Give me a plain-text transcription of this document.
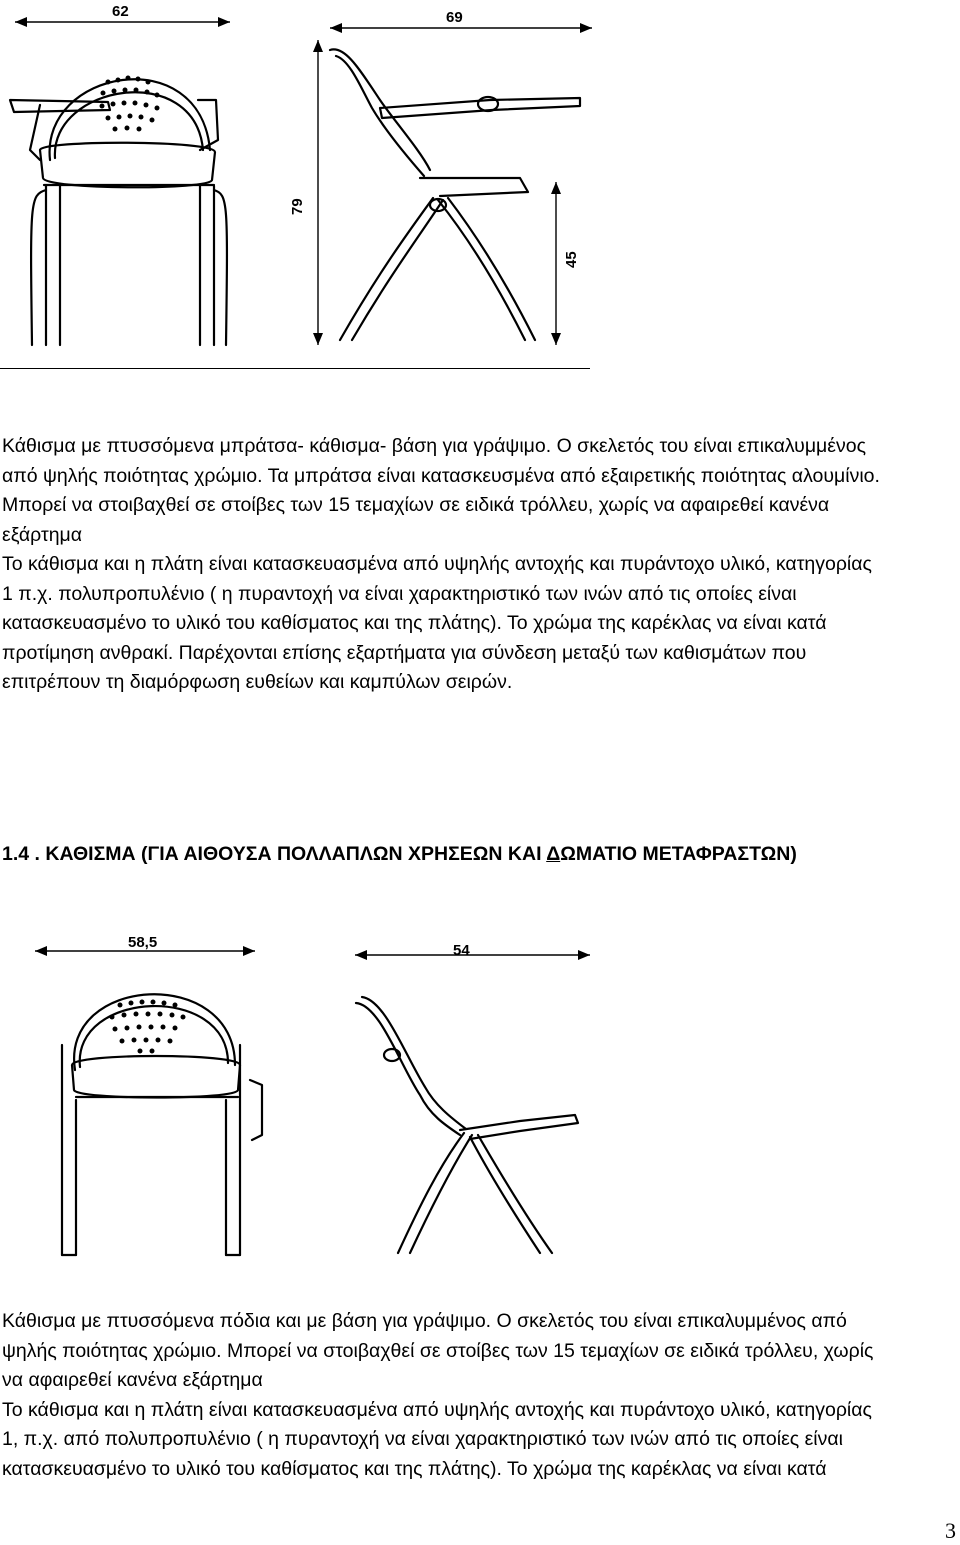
62	69
79
45
Κάθισμα με πτυσσόμενα μπράτσα- κάθισμα- βάση για γράψιμο. Ο σκελετός του είναι επικαλυμμένος
από ψηλής ποιότητας χρώμιο. Τα μπράτσα είναι κατασκευσμένα από εξαιρετικής ποιότητας αλουμίνιο.
Μπορεί να στοιβαχθεί σε στοίβες των 15 τεμαχίων σε ειδικά τρόλλευ, χωρίς να αφαιρεθεί κανένα
εξάρτημα
Το κάθισμα και η πλάτη είναι κατασκευασμένα από υψηλής αντοχής και πυράντοχο υλικό, κατηγορίας
1 π.χ. πολυπροπυλένιο ( η πυραντοχή να είναι χαρακτηριστικό των ινών από τις οποίες είναι
κατασκευασμένο το υλικό του καθίσματος και της πλάτης). Το χρώμα της καρέκλας να είναι κατά
προτίμηση ανθρακί. Παρέχονται επίσης εξαρτήματα για σύνδεση μεταξύ των καθισμάτων που
επιτρέπουν τη διαμόρφωση ευθείων και καμπύλων σειρών.
1.4 . ΚΑΘΙΣΜΑ (ΓΙΑ ΑΙΘΟΥΣΑ ΠΟΛΛΑΠΛΩΝ ΧΡΗΣΕΩΝ ΚΑΙ ΔΩΜΑΤΙΟ ΜΕΤΑΦΡΑΣΤΩΝ)
58,5	54
Κάθισμα με πτυσσόμενα πόδια και με βάση για γράψιμο. Ο σκελετός του είναι επικαλυμμένος από
ψηλής ποιότητας χρώμιο. Μπορεί να στοιβαχθεί σε στοίβες των 15 τεμαχίων σε ειδικά τρόλλευ, χωρίς
να αφαιρεθεί κανένα εξάρτημα
Το κάθισμα και η πλάτη είναι κατασκευασμένα από υψηλής αντοχής και πυράντοχο υλικό, κατηγορίας
1, π.χ. από πολυπροπυλένιο ( η πυραντοχή να είναι χαρακτηριστικό των ινών από τις οποίες είναι
κατασκευασμένο το υλικό του καθίσματος και της πλάτης). Το χρώμα της καρέκλας να είναι κατά
3
